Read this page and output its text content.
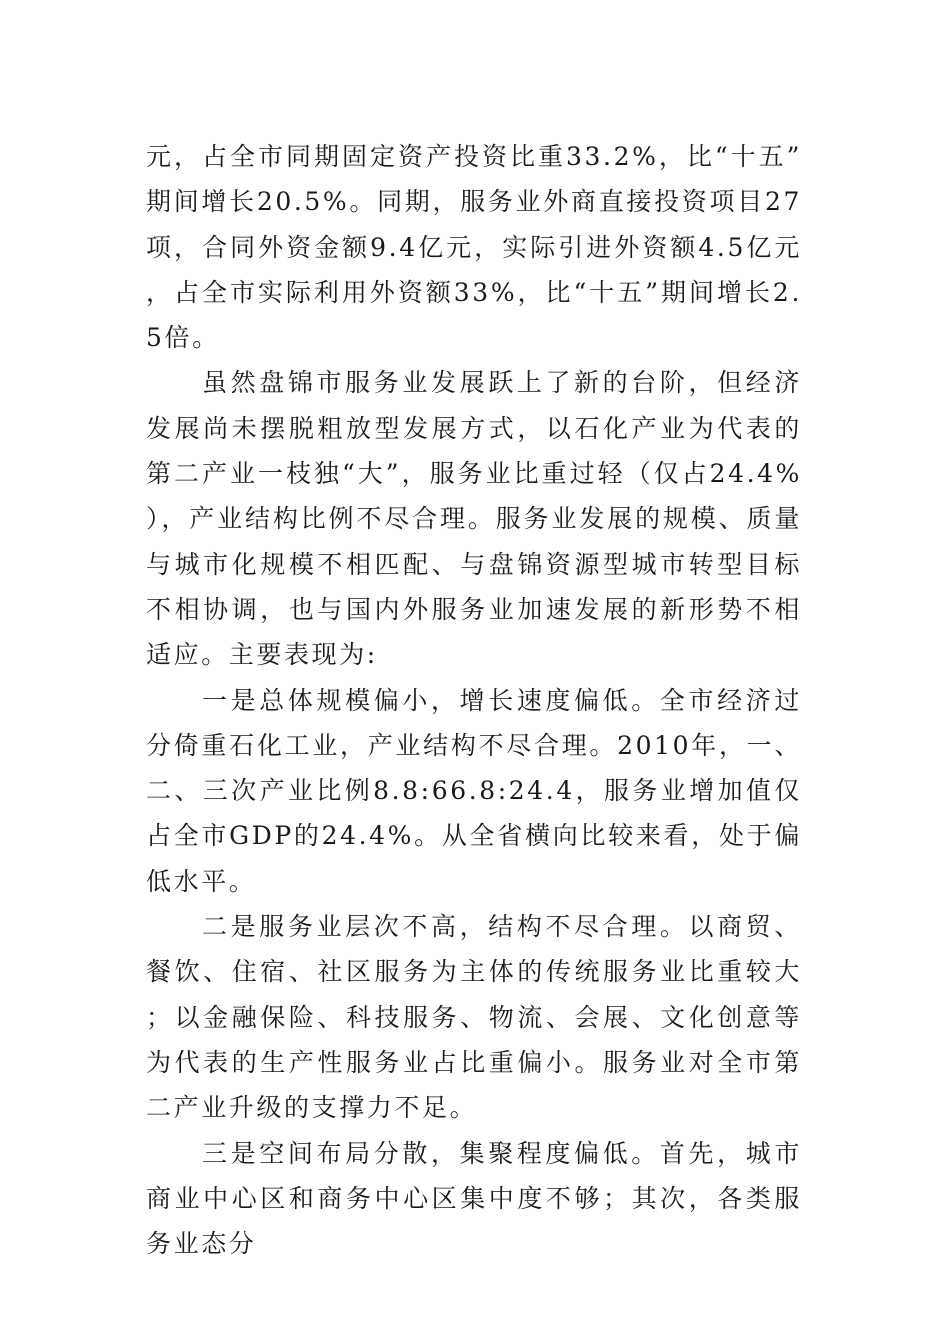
元，占全市同期固定资产投资比重33.2%，比“十五”期间增长20.5%。同期，服务业外商直接投资项目27项，合同外资金额9.4亿元，实际引进外资额4.5亿元，占全市实际利用外资额33%，比“十五”期间增长2.5倍。

虽然盘锦市服务业发展跃上了新的台阶，但经济发展尚未摆脱粗放型发展方式，以石化产业为代表的第二产业一枝独“大”，服务业比重过轻（仅占24.4%），产业结构比例不尽合理。服务业发展的规模、质量与城市化规模不相匹配、与盘锦资源型城市转型目标不相协调，也与国内外服务业加速发展的新形势不相适应。主要表现为:

一是总体规模偏小，增长速度偏低。全市经济过分倚重石化工业，产业结构不尽合理。2010年，一、二、三次产业比例8.8:66.8:24.4，服务业增加值仅占全市GDP的24.4%。从全省横向比较来看，处于偏低水平。

二是服务业层次不高，结构不尽合理。以商贸、餐饮、住宿、社区服务为主体的传统服务业比重较大；以金融保险、科技服务、物流、会展、文化创意等为代表的生产性服务业占比重偏小。服务业对全市第二产业升级的支撑力不足。

三是空间布局分散，集聚程度偏低。首先，城市商业中心区和商务中心区集中度不够；其次，各类服务业态分
